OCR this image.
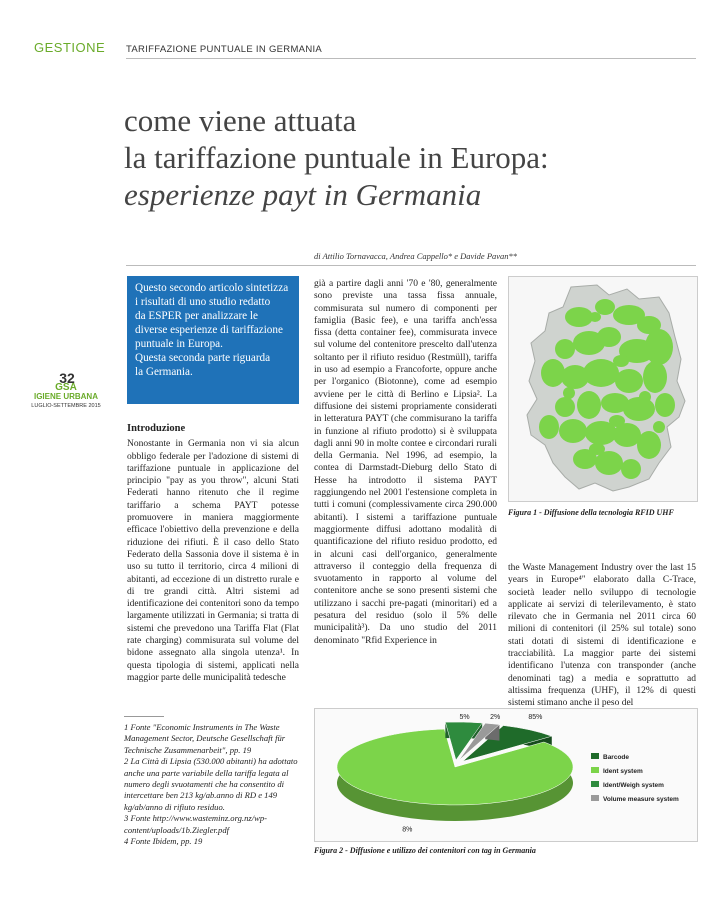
GESTIONE TARIFFAZIONE PUNTUALE IN GERMANIA
come viene attuata
la tariffazione puntuale in Europa:
esperienze payt in Germania
di Attilio Tornavacca, Andrea Cappello* e Davide Pavan**
Questo secondo articolo sintetizza
i risultati di uno studio redatto
da ESPER per analizzare le
diverse esperienze di tariffazione
puntuale in Europa.
Questa seconda parte riguarda
la Germania.
32
GSA
IGIENE URBANA
LUGLIO-SETTEMBRE 2015
Introduzione

Nonostante in Germania non vi sia alcun obbligo federale per l'adozione di sistemi di tariffazione puntuale in applicazione del principio "pay as you throw", alcuni Stati Federati hanno ritenuto che il regime tariffario a schema PAYT potesse promuovere in maniera maggiormente efficace l'obiettivo della prevenzione e della riduzione dei rifiuti. È il caso dello Stato Federato della Sassonia dove il sistema è in uso su tutto il territorio, circa 4 milioni di abitanti, ad eccezione di un distretto rurale e di tre grandi città. Altri sistemi ad identificazione dei contenitori sono da tempo largamente utilizzati in Germania; si tratta di sistemi che prevedono una Tariffa Flat (Flat rate charging) commisurata sul volume del bidone assegnato alla singola utenza¹. In questa tipologia di sistemi, applicati nella maggior parte delle municipalità tedesche

già a partire dagli anni '70 e '80, generalmente sono previste una tassa fissa annuale, commisurata sul numero di componenti per famiglia (Basic fee), e una tariffa anch'essa fissa (detta container fee), commisurata invece sul volume del contenitore prescelto dall'utenza soltanto per il rifiuto residuo (Restmüll), tariffa in uso ad esempio a Francoforte, oppure anche per l'organico (Biotonne), come ad esempio avviene per le città di Berlino e Lipsia². La diffusione dei sistemi propriamente considerati in letteratura PAYT (che commisurano la tariffa in funzione al rifiuto prodotto) si è sviluppata dagli anni 90 in molte contee e circondari rurali della Germania. Nel 1996, ad esempio, la contea di Darmstadt-Dieburg dello Stato di Hesse ha introdotto il sistema PAYT raggiungendo nel 2001 l'estensione completa in tutti i comuni (complessivamente circa 290.000 abitanti). I sistemi a tariffazione puntuale maggiormente diffusi adottano modalità di quantificazione del rifiuto residuo prodotto, ed in alcuni casi dell'organico, generalmente attraverso il conteggio della frequenza di svuotamento in rapporto al volume del contenitore anche se sono presenti sistemi che utilizzano i sacchi pre-pagati (minoritari) ed a pesatura del residuo (solo il 5% delle municipalità³). Da uno studio del 2011 denominato "Rfid Experience in

Figura 1 - Diffusione della tecnologia RFID UHF

the Waste Management Industry over the last 15 years in Europe⁴" elaborato dalla C-Trace, società leader nello sviluppo di tecnologie applicate ai servizi di telerilevamento, è stato rilevato che in Germania nel 2011 circa 60 milioni di contenitori (il 25% sul totale) sono stati dotati di sistemi di identificazione e tracciabilità. La maggior parte dei sistemi identificano l'utenza con transponder (anche denominati tag) a media e soprattutto ad altissima frequenza (UHF), il 12% di questi sistemi stimano anche il peso del

1 Fonte "Economic Instruments in The Waste Management Sector, Deutsche Gesellschaft für Technische Zusammenarbeit", pp. 19

2 La Città di Lipsia (530.000 abitanti) ha adottato anche una parte variabile della tariffa legata al numero degli svuotamenti che ha consentito di intercettare ben 213 kg/ab.anno di RD e 149 kg/ab/anno di rifiuto residuo.

3 Fonte http://www.wasteminz.org.nz/wp-content/uploads/1b.Ziegler.pdf

4 Fonte Ibidem, pp. 19

85%
8%
5%	2%
Barcode
Ident system
Ident/Weigh system
Volume measure system
Figura 2 - Diffusione e utilizzo dei contenitori con tag in Germania
